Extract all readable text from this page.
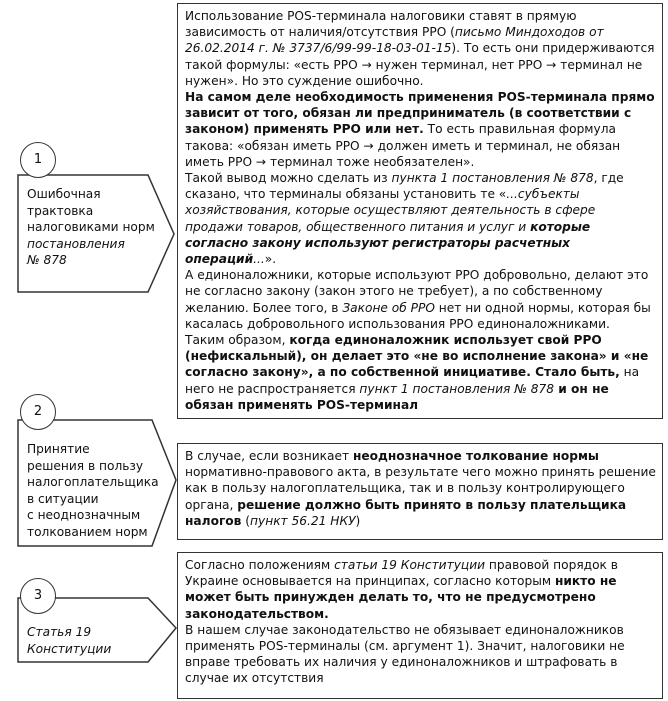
1
2
3
Ошибочная
трактовка
налоговиками норм
постановления
№ 878
Принятие
решения в пользу
налогоплательщика
в ситуации
с неоднозначным
толкованием норм
Статья 19
Конституции
Использование POS-терминала налоговики ставят в прямую зависимость от наличия/отсутствия РРО (письмо Миндоходов от 26.02.2014 г. № 3737/6/99-99-18-03-01-15). То есть они придерживаются такой формулы: «есть РРО → нужен терминал, нет РРО → терминал не нужен». Но это суждение ошибочно.
На самом деле необходимость применения POS-терминала прямо зависит от того, обязан ли предприниматель (в соответствии с законом) применять РРО или нет. То есть правильная формула такова: «обязан иметь РРО → должен иметь и терминал, не обязан иметь РРО → терминал тоже необязателен».
Такой вывод можно сделать из пункта 1 постановления № 878, где сказано, что терминалы обязаны установить те «...субъекты хозяйствования, которые осуществляют деятельность в сфере продажи товаров, общественного питания и услуг и которые согласно закону используют регистраторы расчетных операций...».
А единоналожники, которые используют РРО добровольно, делают это не согласно закону (закон этого не требует), а по собственному желанию. Более того, в Законе об РРО нет ни одной нормы, которая бы касалась добровольного использования РРО единоналожниками.
Таким образом, когда единоналожник использует свой РРО (нефискальный), он делает это «не во исполнение закона» и «не согласно закону», а по собственной инициативе. Стало быть, на него не распространяется пункт 1 постановления № 878 и он не обязан применять POS-терминал
В случае, если возникает неоднозначное толкование нормы нормативно-правового акта, в результате чего можно принять решение как в пользу налогоплательщика, так и в пользу контролирующего органа, решение должно быть принято в пользу плательщика налогов (пункт 56.21 НКУ)
Согласно положениям статьи 19 Конституции правовой порядок в Украине основывается на принципах, согласно которым никто не может быть принужден делать то, что не предусмотрено законодательством.
В нашем случае законодательство не обязывает единоналожников применять POS-терминалы (см. аргумент 1). Значит, налоговики не вправе требовать их наличия у единоналожников и штрафовать в случае их отсутствия
